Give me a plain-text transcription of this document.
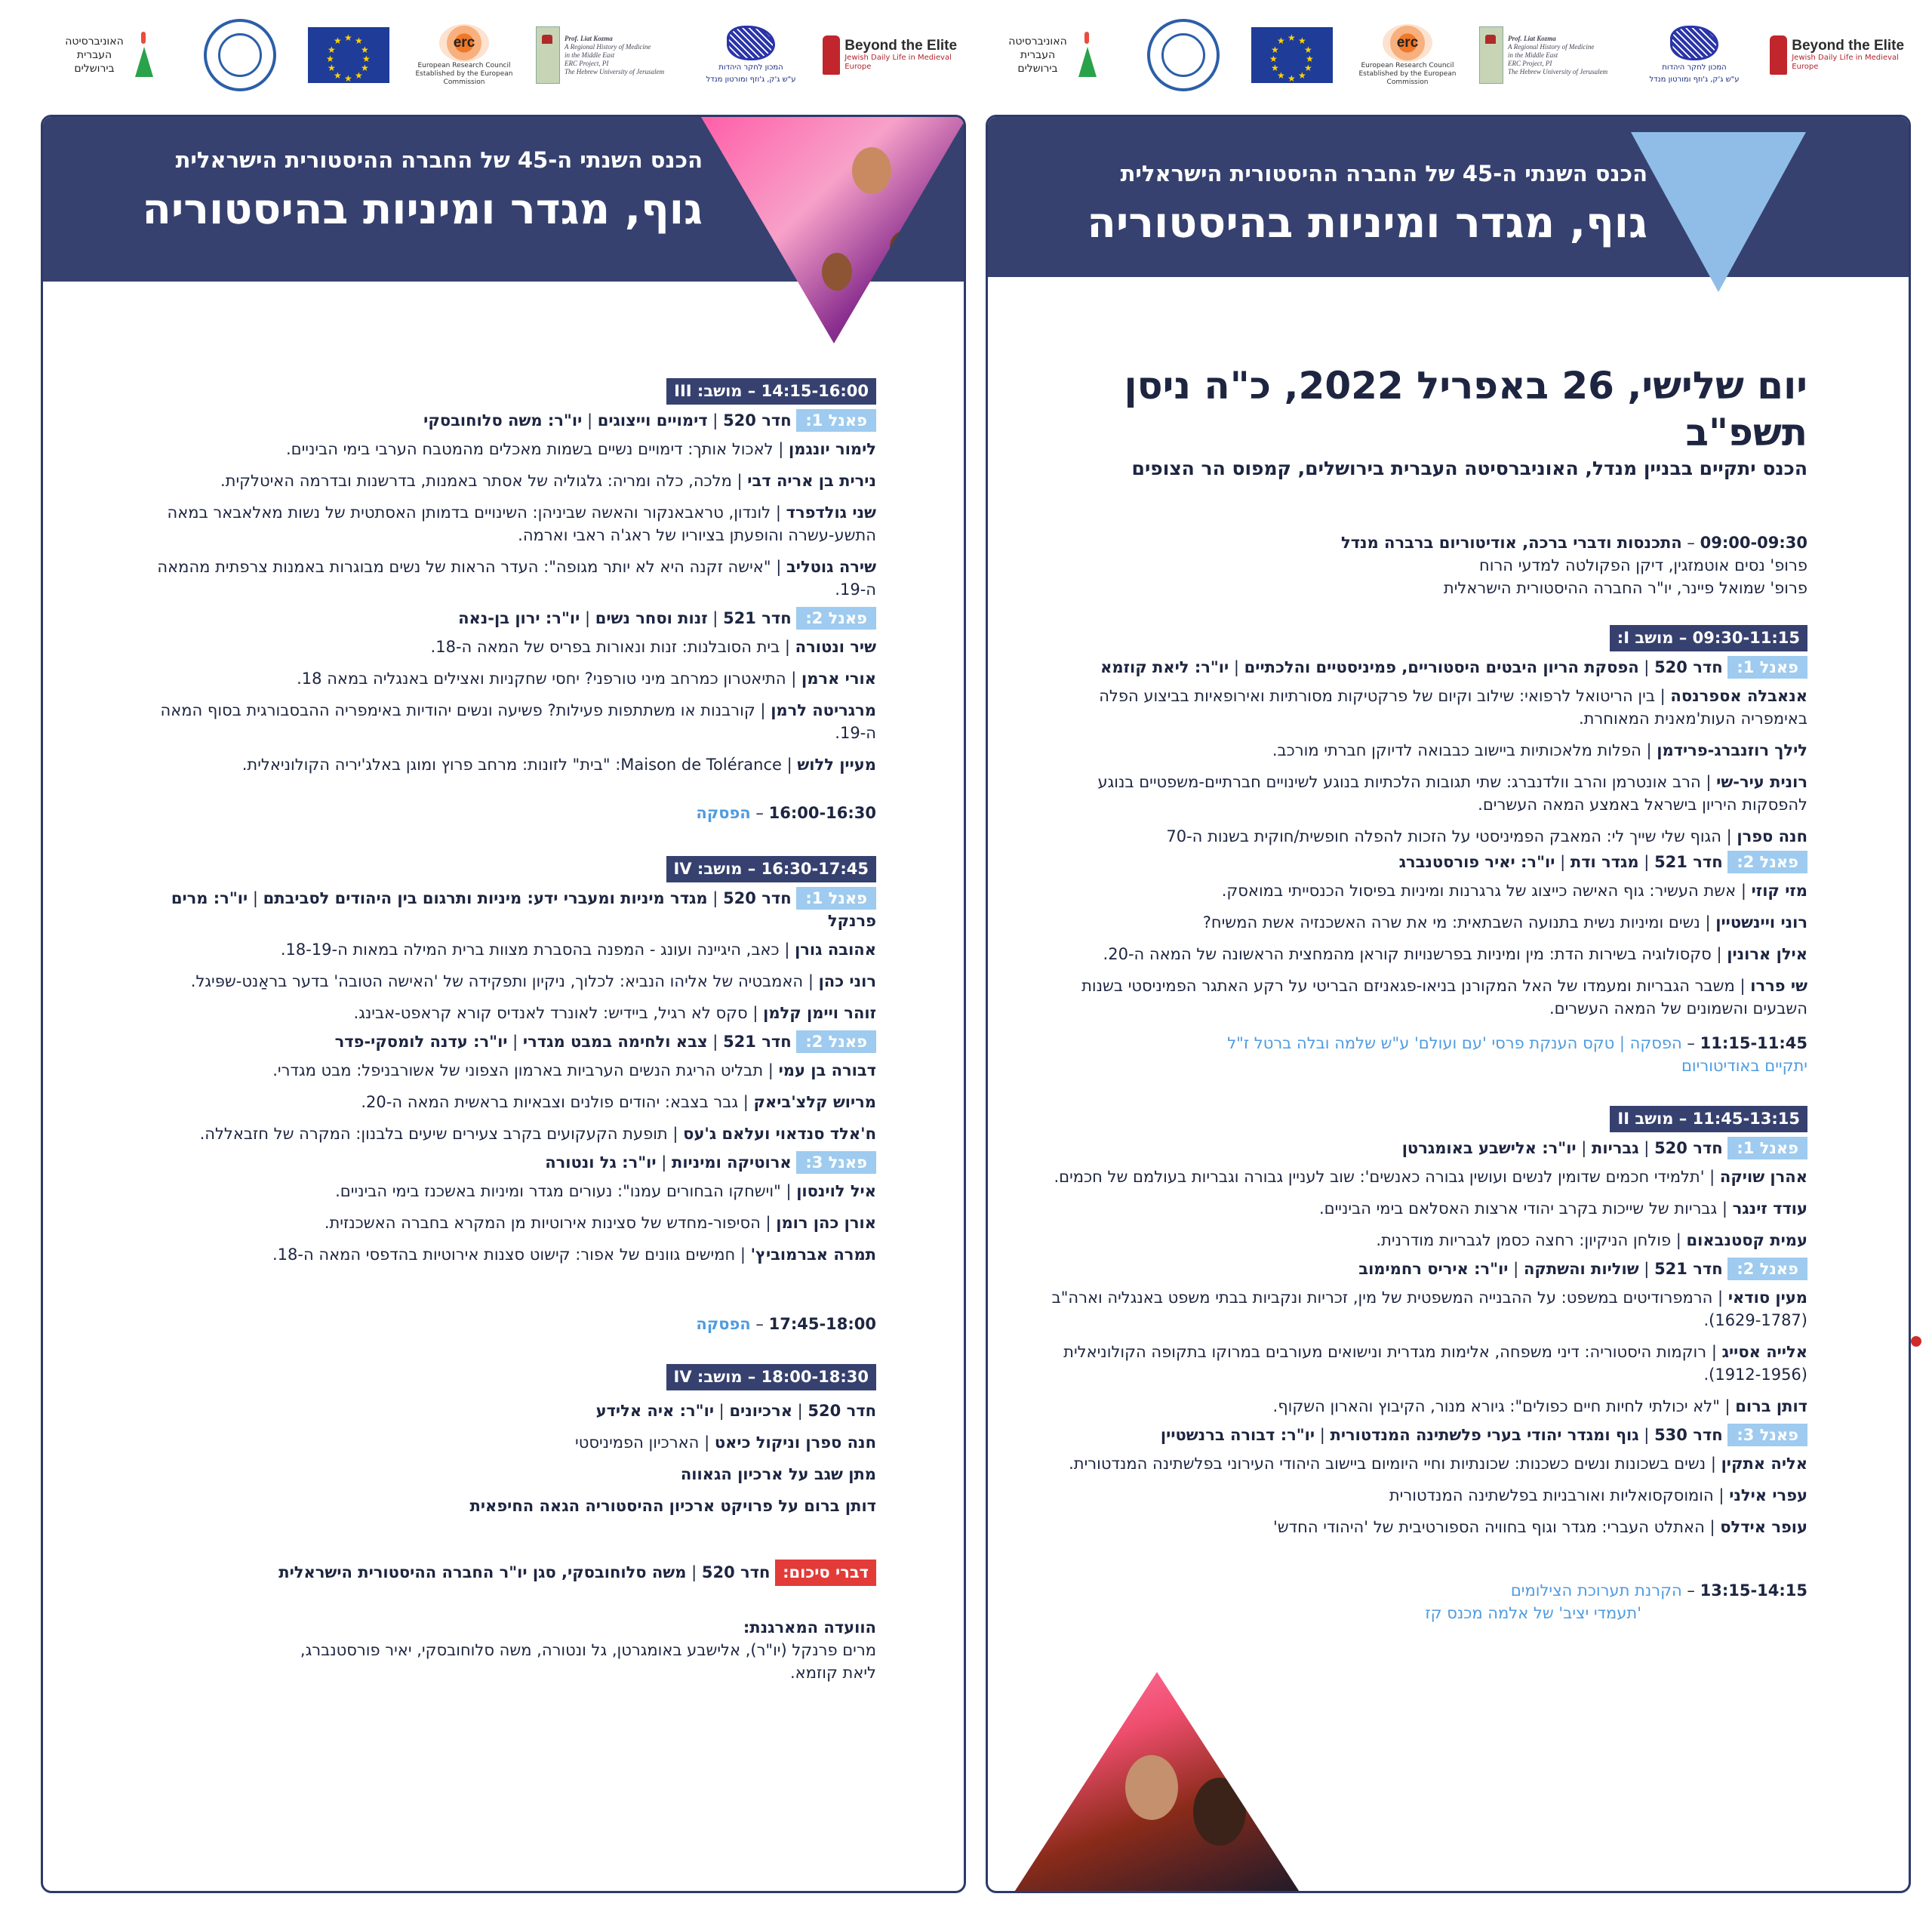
Beyond the Elite
Jewish Daily Life in Medieval Europe
המכון לחקר היהדות
ע"ש ג'ק, ג'וזף ומורטון מנדל
Prof. Liat Kozma
A Regional History of Medicine
in the Middle East
ERC Project, PI
The Hebrew University of Jerusalem
erc
European Research Council
Established by the European Commission
★ ★
★
★
★
★
★
★
★
★
★
★
האוניברסיטה העברית בירושלים
Beyond the Elite
Jewish Daily Life in Medieval Europe
המכון לחקר היהדות
ע"ש ג'ק, ג'וזף ומורטון מנדל
Prof. Liat Kozma
A Regional History of Medicine
in the Middle East
ERC Project, PI
The Hebrew University of Jerusalem
erc
European Research Council
Established by the European Commission
★ ★
★
★
★
★
★
★
★
★
★
★
האוניברסיטה העברית בירושלים
הכנס השנתי ה-45 של החברה ההיסטורית הישראלית
גוף, מגדר ומיניות בהיסטוריה
14:15-16:00 – מושב: III
פאנל 1: חדר 520 | דימויים וייצוגים | יו"ר: משה סלוחובסקי
לימור יונגמן | לאכול אותך: דימויים נשיים בשמות מאכלים מהמטבח הערבי בימי הביניים.
נירית בן אריה דבי | מלכה, כלה ומריה: גלגוליה של אסתר באמנות, בדרשנות ובדרמה האיטלקית.
שני גולדפרד | לונדון, טראבאנקור והאשה שביניהן: השינויים בדמותן האסתטית של נשות מאלאבאר במאה התשע-עשרה והופעתן בציוריו של ראג'ה ראבי וארמה.
שירה גוטליב | "אישה זקנה היא לא יותר מגופה": העדר הראות של נשים מבוגרות באמנות צרפתית מהמאה ה-19.
פאנל 2: חדר 521 | זנות וסחר נשים | יו"ר: ירון בן-נאה
שיר ונטורה | בית הסובלנות: זנות ונאורות בפריס של המאה ה-18.
אורי ארמן | התיאטרון כמרחב מיני טורפני? יחסי שחקניות ואצילים באנגליה במאה 18.
מרגריטה לרמן | קורבנות או משתתפות פעילות? פשיעה ונשים יהודיות באימפריה ההבסבורגית בסוף המאה ה-19.
מעיין ללוש | Maison de Tolérance: "בית" לזונות: מרחב פרוץ ומוגן באלג'יריה הקולוניאלית.
16:00-16:30 – הפסקה
16:30-17:45 – מושב: IV
פאנל 1: חדר 520 | מגדר מיניות ומעברי ידע: מיניות ותרגום בין היהודים לסביבתם | יו"ר: מרים פרנקל
אהובה גורן | כאב, היגיינה ועונג - המפנה בהסברת מצוות ברית המילה במאות ה-18-19.
רוני כהן | האמבטיה של אליהו הנביא: לכלוך, ניקיון ותפקידה של 'האישה הטובה' בדער בראַנט-שפּיגל.
זוהר ויימן קלמן | סקס לא רגיל, ביידיש: לאונרד לאנדיס קורא קראפט-אבינג.
פאנל 2: חדר 521 | צבא ולחימה במבט מגדרי | יו"ר: עדנה לומסקי-פדר
דבורה בן עמי | תבליט הריגת הנשים הערביות בארמון הצפוני של אשורבניפל: מבט מגדרי.
מריוש קלצ'ביאק | גבר בצבא: יהודים פולנים וצבאיות בראשית המאה ה-20.
ח'אלד סנדאוי ועלאם ג'עס | תופעת הקעקועים בקרב צעירים שיעים בלבנון: המקרה של חזבאללה.
פאנל 3: ארוטיקה ומיניות | יו"ר: גל ונטורה
איל לוינסון | "וישחקו הבחורים עמנו": נעורים מגדר ומיניות באשכנז בימי הביניים.
אורן כהן רומן | הסיפור-מחדש של סצינות אירוטיות מן המקרא בחברה האשכנזית.
תמרה אברמוביץ' | חמישים גוונים של אפור: קישוט סצנות אירוטיות בהדפסי המאה ה-18.
17:45-18:00 – הפסקה
18:00-18:30 – מושב: IV
חדר 520 | ארכיונים | יו"ר: איה אלידע
חנה ספרן וניקול כיאט | הארכיון הפמיניסטי
מתן שגב על ארכיון הגאווה
דותן ברום על פרויקט ארכיון ההיסטוריה הגאה החיפאית
דברי סיכום: חדר 520 | משה סלוחובסקי, סגן יו"ר החברה ההיסטורית הישראלית
הוועדה המארגנת:
מרים פרנקל (יו"ר), אלישבע באומגרטן, גל ונטורה, משה סלוחובסקי, יאיר פורסטנברג,
ליאת קוזמא.
הכנס השנתי ה-45 של החברה ההיסטורית הישראלית
גוף, מגדר ומיניות בהיסטוריה
יום שלישי, 26 באפריל 2022, כ"ה ניסן תשפ"ב
הכנס יתקיים בבניין מנדל, האוניברסיטה העברית בירושלים, קמפוס הר הצופים
09:00-09:30 – התכנסות ודברי ברכה, אודיטוריום ברברה מנדל
פרופ' נסים אוטמזגין, דיקן הפקולטה למדעי הרוח
פרופ' שמואל פיינר, יו"ר החברה ההיסטורית הישראלית
09:30-11:15 – מושב I:
פאנל 1: חדר 520 | הפסקת הריון היבטים היסטוריים, פמיניסטיים והלכתיים | יו"ר: ליאת קוזמא
אנאבלה אספרנסה | בין הריטואל לרפואי: שילוב וקיום של פרקטיקות מסורתיות ואירופאיות בביצוע הפלה באימפריה העות'מאנית המאוחרת.
לילך רוזנברג-פרידמן | הפלות מלאכותיות ביישוב כבבואה לדיוקן חברתי מורכב.
רונית עיר-שי | הרב אונטרמן והרב וולדנברג: שתי תגובות הלכתיות בנוגע לשינויים חברתיים-משפטיים בנוגע להפסקות היריון בישראל באמצע המאה העשרים.
חנה ספרן | הגוף שלי שייך לי: המאבק הפמיניסטי על הזכות להפלה חופשית/חוקית בשנות ה-70
פאנל 2: חדר 521 | מגדר ודת | יו"ר: יאיר פורסטנברג
מזי קוזי | אשת העשיר: גוף האישה כייצוג של גרגרנות ומיניות בפיסול הכנסייתי במואסק.
רוני ויינשטיין | נשים ומיניות נשית בתנועה השבתאית: מי את שרה האשכנזיה אשת המשיח?
אילן ארונין | סקסולוגיה בשירות הדת: מין ומיניות בפרשנויות קוראן מהמחצית הראשונה של המאה ה-20.
שי פררו | משבר הגבריות ומעמדו של האל המקורנן בניאו-פגאניזם הבריטי על רקע האתגר הפמיניסטי בשנות השבעים והשמונים של המאה העשרים.
11:15-11:45 – הפסקה | טקס הענקת פרסי 'עם ועולם' ע"ש שלמה ובלה ברטל ז"ל
יתקיים באודיטוריום
11:45-13:15 – מושב II
פאנל 1: חדר 520 | גבריות | יו"ר: אלישבע באומגרטן
אהרן שויקה | 'תלמידי חכמים שדומין לנשים ועושין גבורה כאנשים': שוב לעניין גבורה וגבריות בעולמם של חכמים.
עודד זינגר | גבריות של שייכות בקרב יהודי ארצות האסלאם בימי הביניים.
עמית קסטנבאום | פולחן הניקיון: רחצה כסמן לגבריות מודרנית.
פאנל 2: חדר 521 | שוליות והשתקה | יו"ר: איריס רחמימוב
מעין סודאי | הרמפרודיטים במשפט: על ההבנייה המשפטית של מין, זכריות ונקביות בבתי משפט באנגליה וארה"ב (1629-1787).
אלייה אסייג | רוקמות היסטוריה: דיני משפחה, אלימות מגדרית ונישואים מעורבים במרוקו בתקופה הקולוניאלית (1912-1956).
דותן ברום | "לא יכולתי לחיות חיים כפולים": גיורא מנור, הקיבוץ והארון השקוף.
פאנל 3: חדר 530 | גוף ומגדר יהודי בערי פלשתינה המנדטורית | יו"ר: דבורה ברנשטיין
אליה אתקין | נשים בשכונות ונשים כשכנות: שכונתיות וחיי היומיום ביישוב היהודי העירוני בפלשתינה המנדטורית.
עפרי אילני | הומוסקסואליות ואורבניות בפלשתינה המנדטורית
עופר אידלס | האתלט העברי: מגדר וגוף בחוויה הספורטיבית של 'היהודי החדש'
13:15-14:15 – הקרנת תערוכת הצילומים
'תעמדי יציב' של אלמה מכנס קז
